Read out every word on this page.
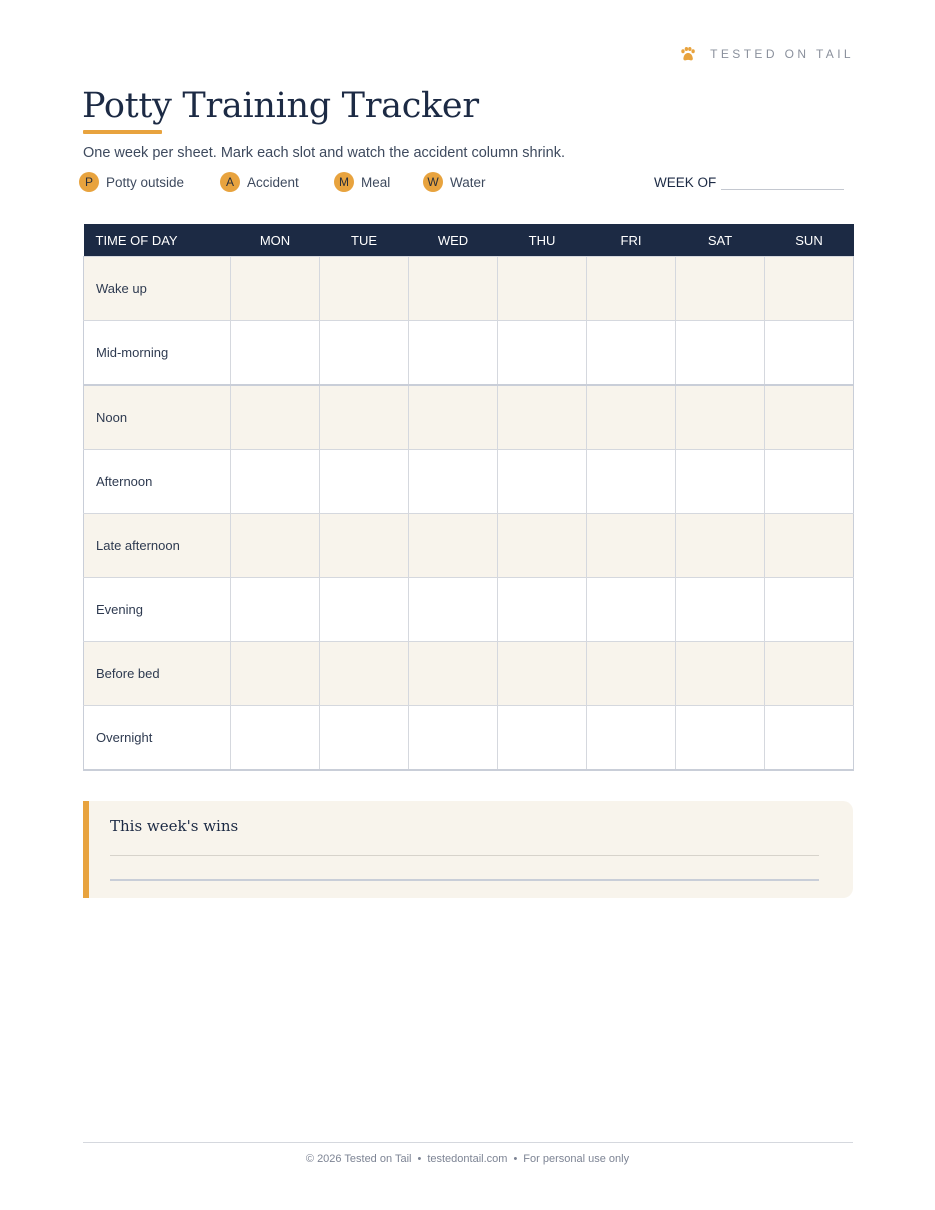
TESTED ON TAIL
Potty Training Tracker
One week per sheet. Mark each slot and watch the accident column shrink.
P Potty outside	A Accident	M Meal	W Water	WEEK OF
TIME OF DAY	MON	TUE	WED	THU	FRI	SAT	SUN
Wake up							
Mid-morning							
Noon							
Afternoon							
Late afternoon							
Evening							
Before bed							
Overnight							
This week's wins
© 2026 Tested on Tail • testedontail.com • For personal use only
